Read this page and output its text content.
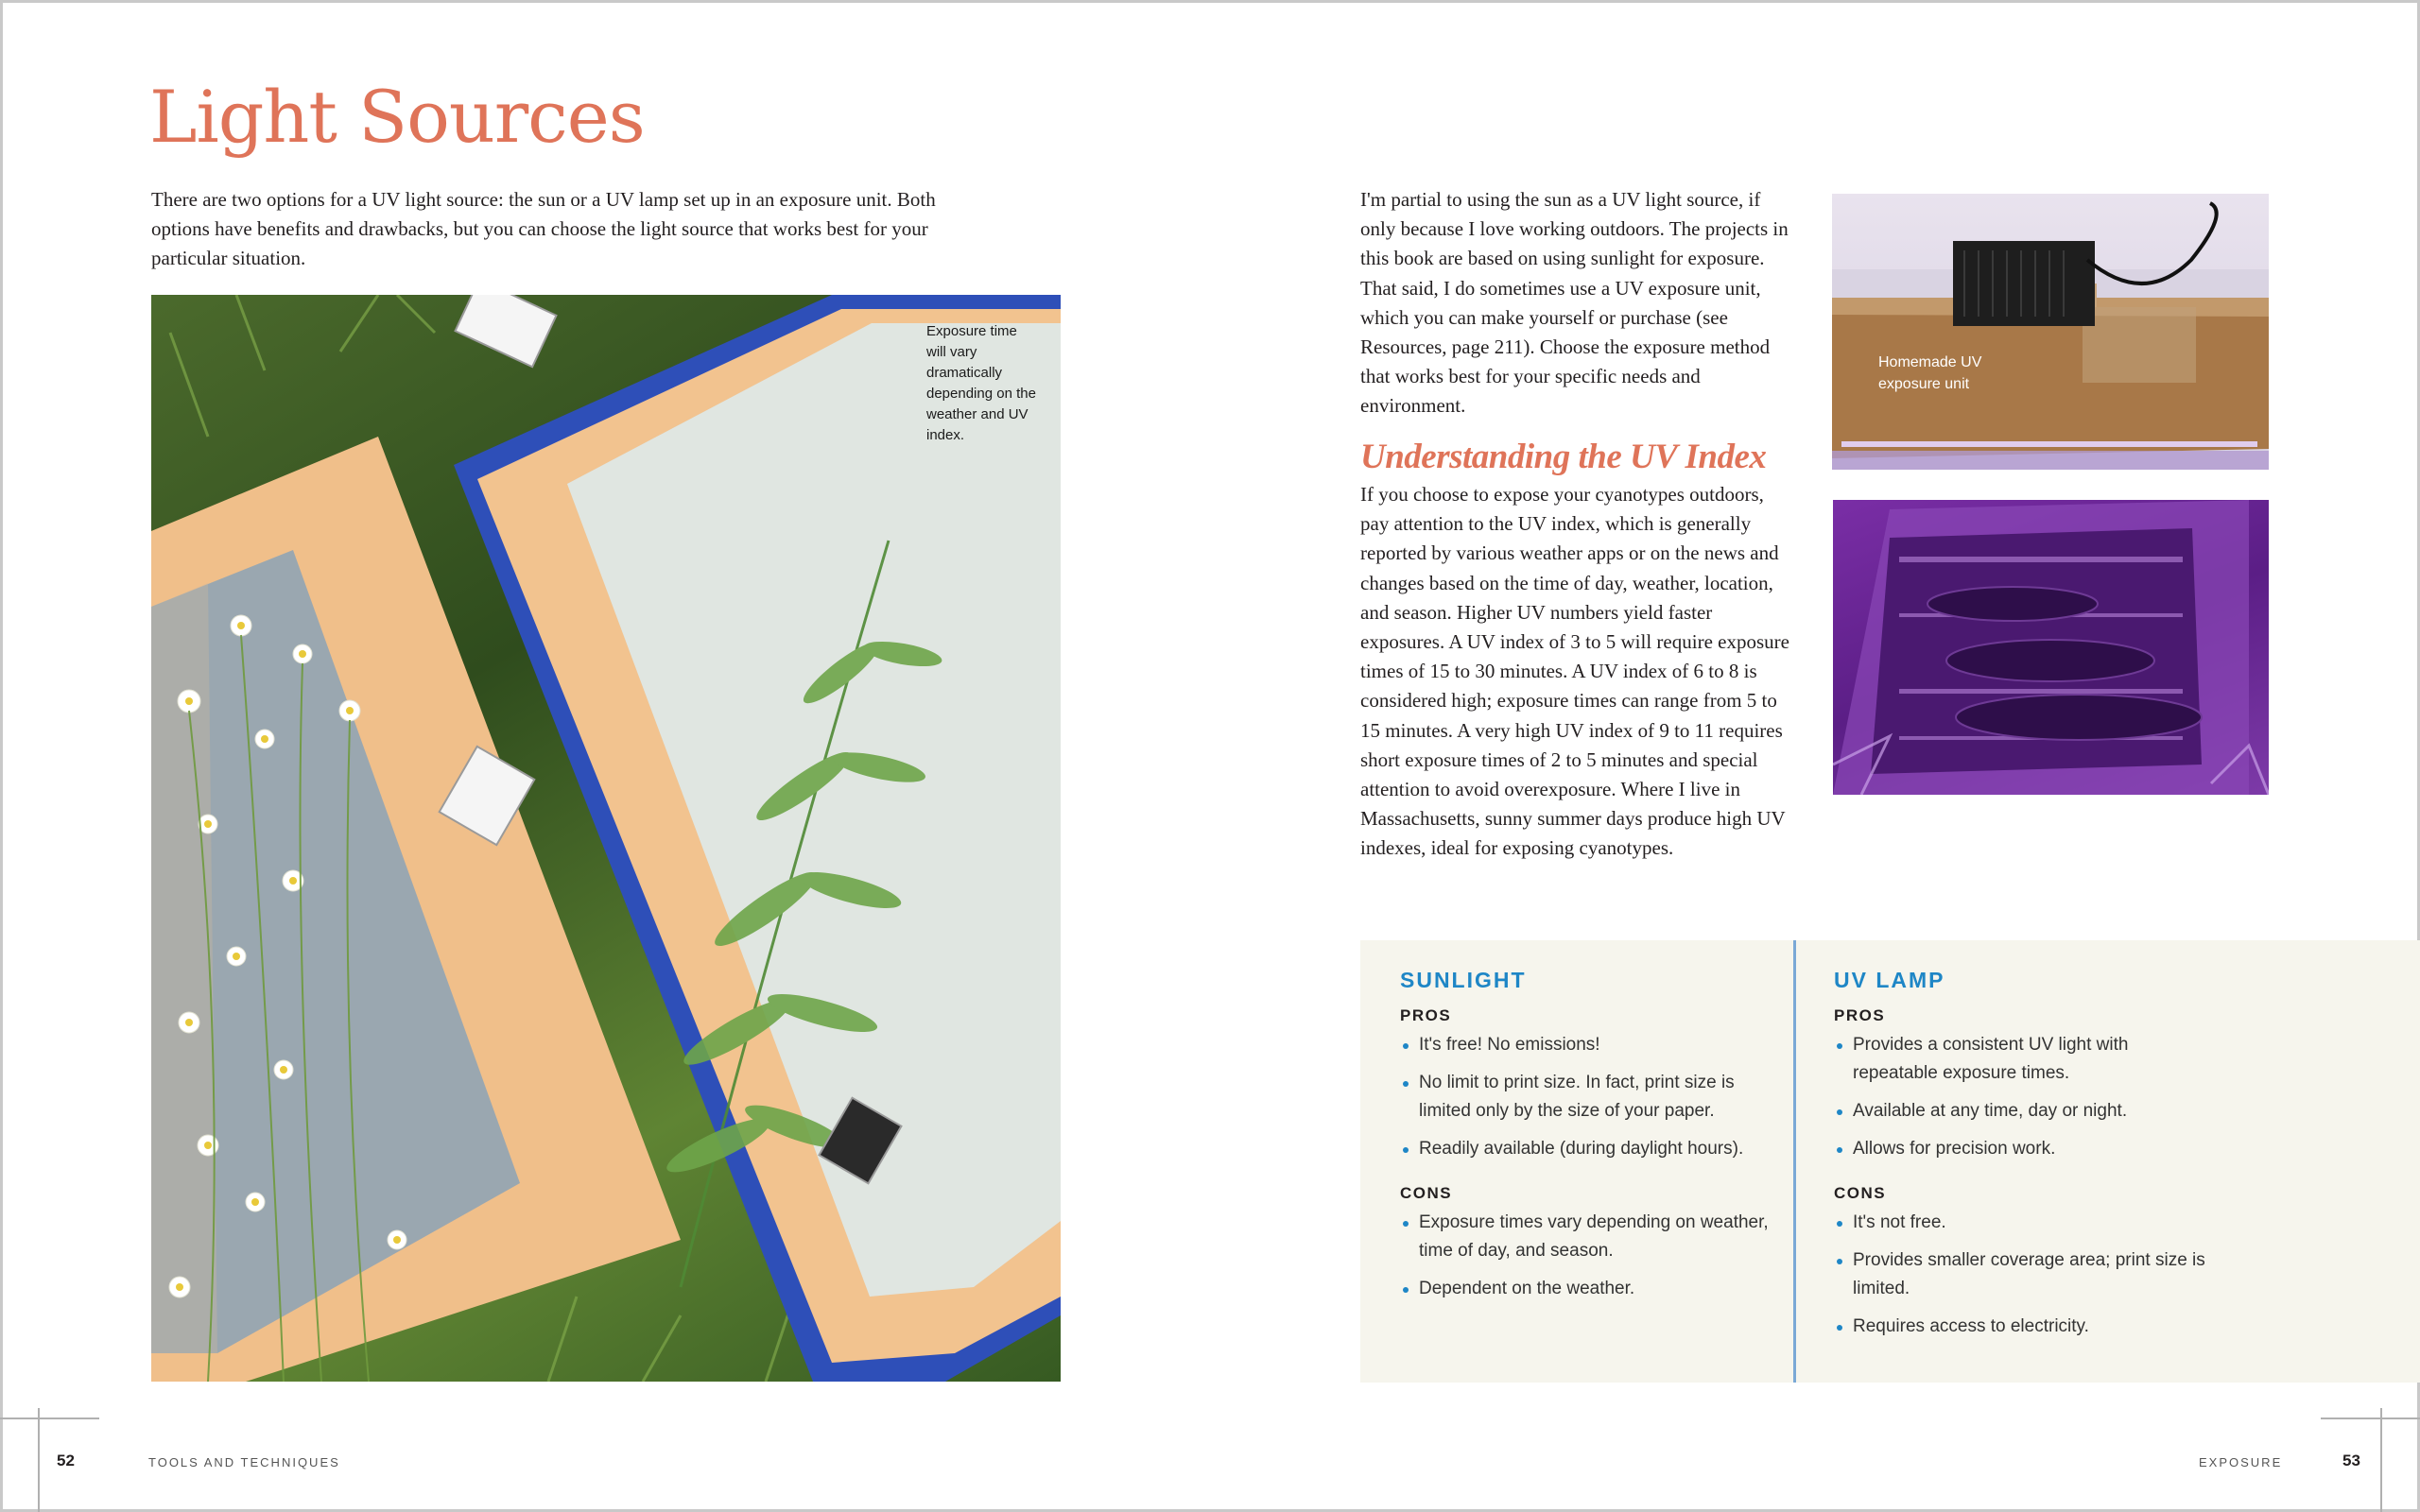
Light Sources

There are two options for a UV light source: the sun or a UV lamp set up in an exposure unit. Both options have benefits and drawbacks, but you can choose the light source that works best for your particular situation.

Exposure time will vary dramatically depending on the weather and UV index.

I'm partial to using the sun as a UV light source, if only because I love working outdoors. The projects in this book are based on using sunlight for exposure. That said, I do sometimes use a UV exposure unit, which you can make yourself or purchase (see Resources, page 211). Choose the exposure method that works best for your specific needs and environment.

Understanding the UV Index

If you choose to expose your cyanotypes outdoors, pay attention to the UV index, which is generally reported by various weather apps or on the news and changes based on the time of day, weather, location, and season. Higher UV numbers yield faster exposures. A UV index of 3 to 5 will require exposure times of 15 to 30 minutes. A UV index of 6 to 8 is considered high; exposure times can range from 5 to 15 minutes. A very high UV index of 9 to 11 requires short exposure times of 2 to 5 minutes and special attention to avoid overexposure. Where I live in Massachusetts, sunny summer days produce high UV indexes, ideal for exposing cyanotypes.

Homemade UV exposure unit
SUNLIGHT
PROS
It's free! No emissions!
No limit to print size. In fact, print size is limited only by the size of your paper.
Readily available (during daylight hours).
CONS
Exposure times vary depending on weather, time of day, and season.
Dependent on the weather.
UV LAMP
PROS
Provides a consistent UV light with repeatable exposure times.
Available at any time, day or night.
Allows for precision work.
CONS
It's not free.
Provides smaller coverage area; print size is limited.
Requires access to electricity.
52	TOOLS AND TECHNIQUES	EXPOSURE	53
